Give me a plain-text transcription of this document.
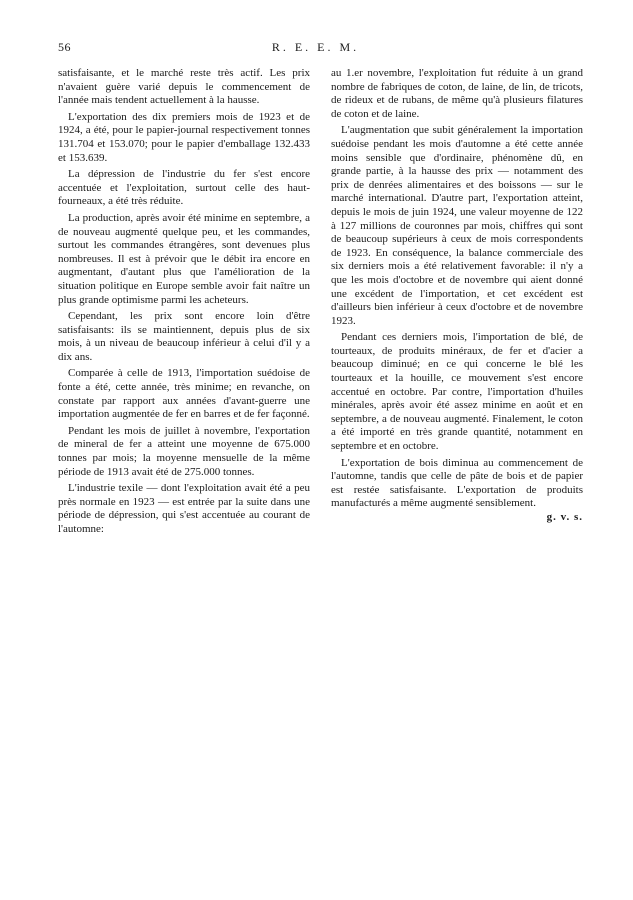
56	R. E. E. M.

satisfaisante, et le marché reste très actif. Les prix n'avaient guère varié depuis le commencement de l'année mais tendent actuellement à la hausse.

L'exportation des dix premiers mois de 1923 et de 1924, a été, pour le papier-journal respectivement tonnes 131.704 et 153.070; pour le papier d'emballage 132.433 et 153.639.

La dépression de l'industrie du fer s'est encore accentuée et l'exploitation, surtout celle des haut-fourneaux, a été très réduite.

La production, après avoir été minime en septembre, a de nouveau augmenté quelque peu, et les commandes, surtout les commandes étrangères, sont devenues plus nombreuses. Il est à prévoir que le débit ira encore en augmentant, d'autant plus que l'amélioration de la situation politique en Europe semble avoir fait naître un plus grande optimisme parmi les acheteurs.

Cependant, les prix sont encore loin d'être satisfaisants: ils se maintiennent, depuis plus de six mois, à un niveau de beaucoup inférieur à celui d'il y a dix ans.

Comparée à celle de 1913, l'importation suédoise de fonte a été, cette année, très minime; en revanche, on constate par rapport aux années d'avant-guerre une importation augmentée de fer en barres et de fer façonné.

Pendant les mois de juillet à novembre, l'exportation de mineral de fer a atteint une moyenne de 675.000 tonnes par mois; la moyenne mensuelle de la même période de 1913 avait été de 275.000 tonnes.

L'industrie texile — dont l'exploitation avait été a peu près normale en 1923 — est entrée par la suite dans une période de dépression, qui s'est accentuée au courant de l'automne:

au 1.er novembre, l'exploitation fut réduite à un grand nombre de fabriques de coton, de laine, de lin, de tricots, de rideux et de rubans, de même qu'à plusieurs filatures de coton et de laine.

L'augmentation que subit généralement la importation suédoise pendant les mois d'automne a été cette année moins sensible que d'ordinaire, phénomène dû, en grande partie, à la hausse des prix — notamment des prix de denrées alimentaires et des boissons — sur le marché international. D'autre part, l'exportation atteint, depuis le mois de juin 1924, une valeur moyenne de 122 à 127 millions de couronnes par mois, chiffres qui sont de beaucoup supérieurs à ceux de mois correspondents de 1923. En conséquence, la balance commerciale des six derniers mois a été relativement favorable: il n'y a que les mois d'octobre et de novembre qui aient donné une excédent de l'importation, et cet excédent est d'ailleurs bien inférieur à ceux d'octobre et de novembre 1923.

Pendant ces derniers mois, l'importation de blé, de tourteaux, de produits minéraux, de fer et d'acier a beaucoup diminué; en ce qui concerne le blé les tourteaux et la houille, ce mouvement s'est encore accentué en octobre. Par contre, l'importation d'huiles minérales, après avoir été assez minime en août et en septembre, a de nouveau augmenté. Finalement, le coton a été importé en très grande quantité, notamment en septembre et en octobre.

L'exportation de bois diminua au commencement de l'automne, tandis que celle de pâte de bois et de papier est restée satisfaisante. L'exportation de produits manufacturés a même augmenté sensiblement.
g. v. s.
